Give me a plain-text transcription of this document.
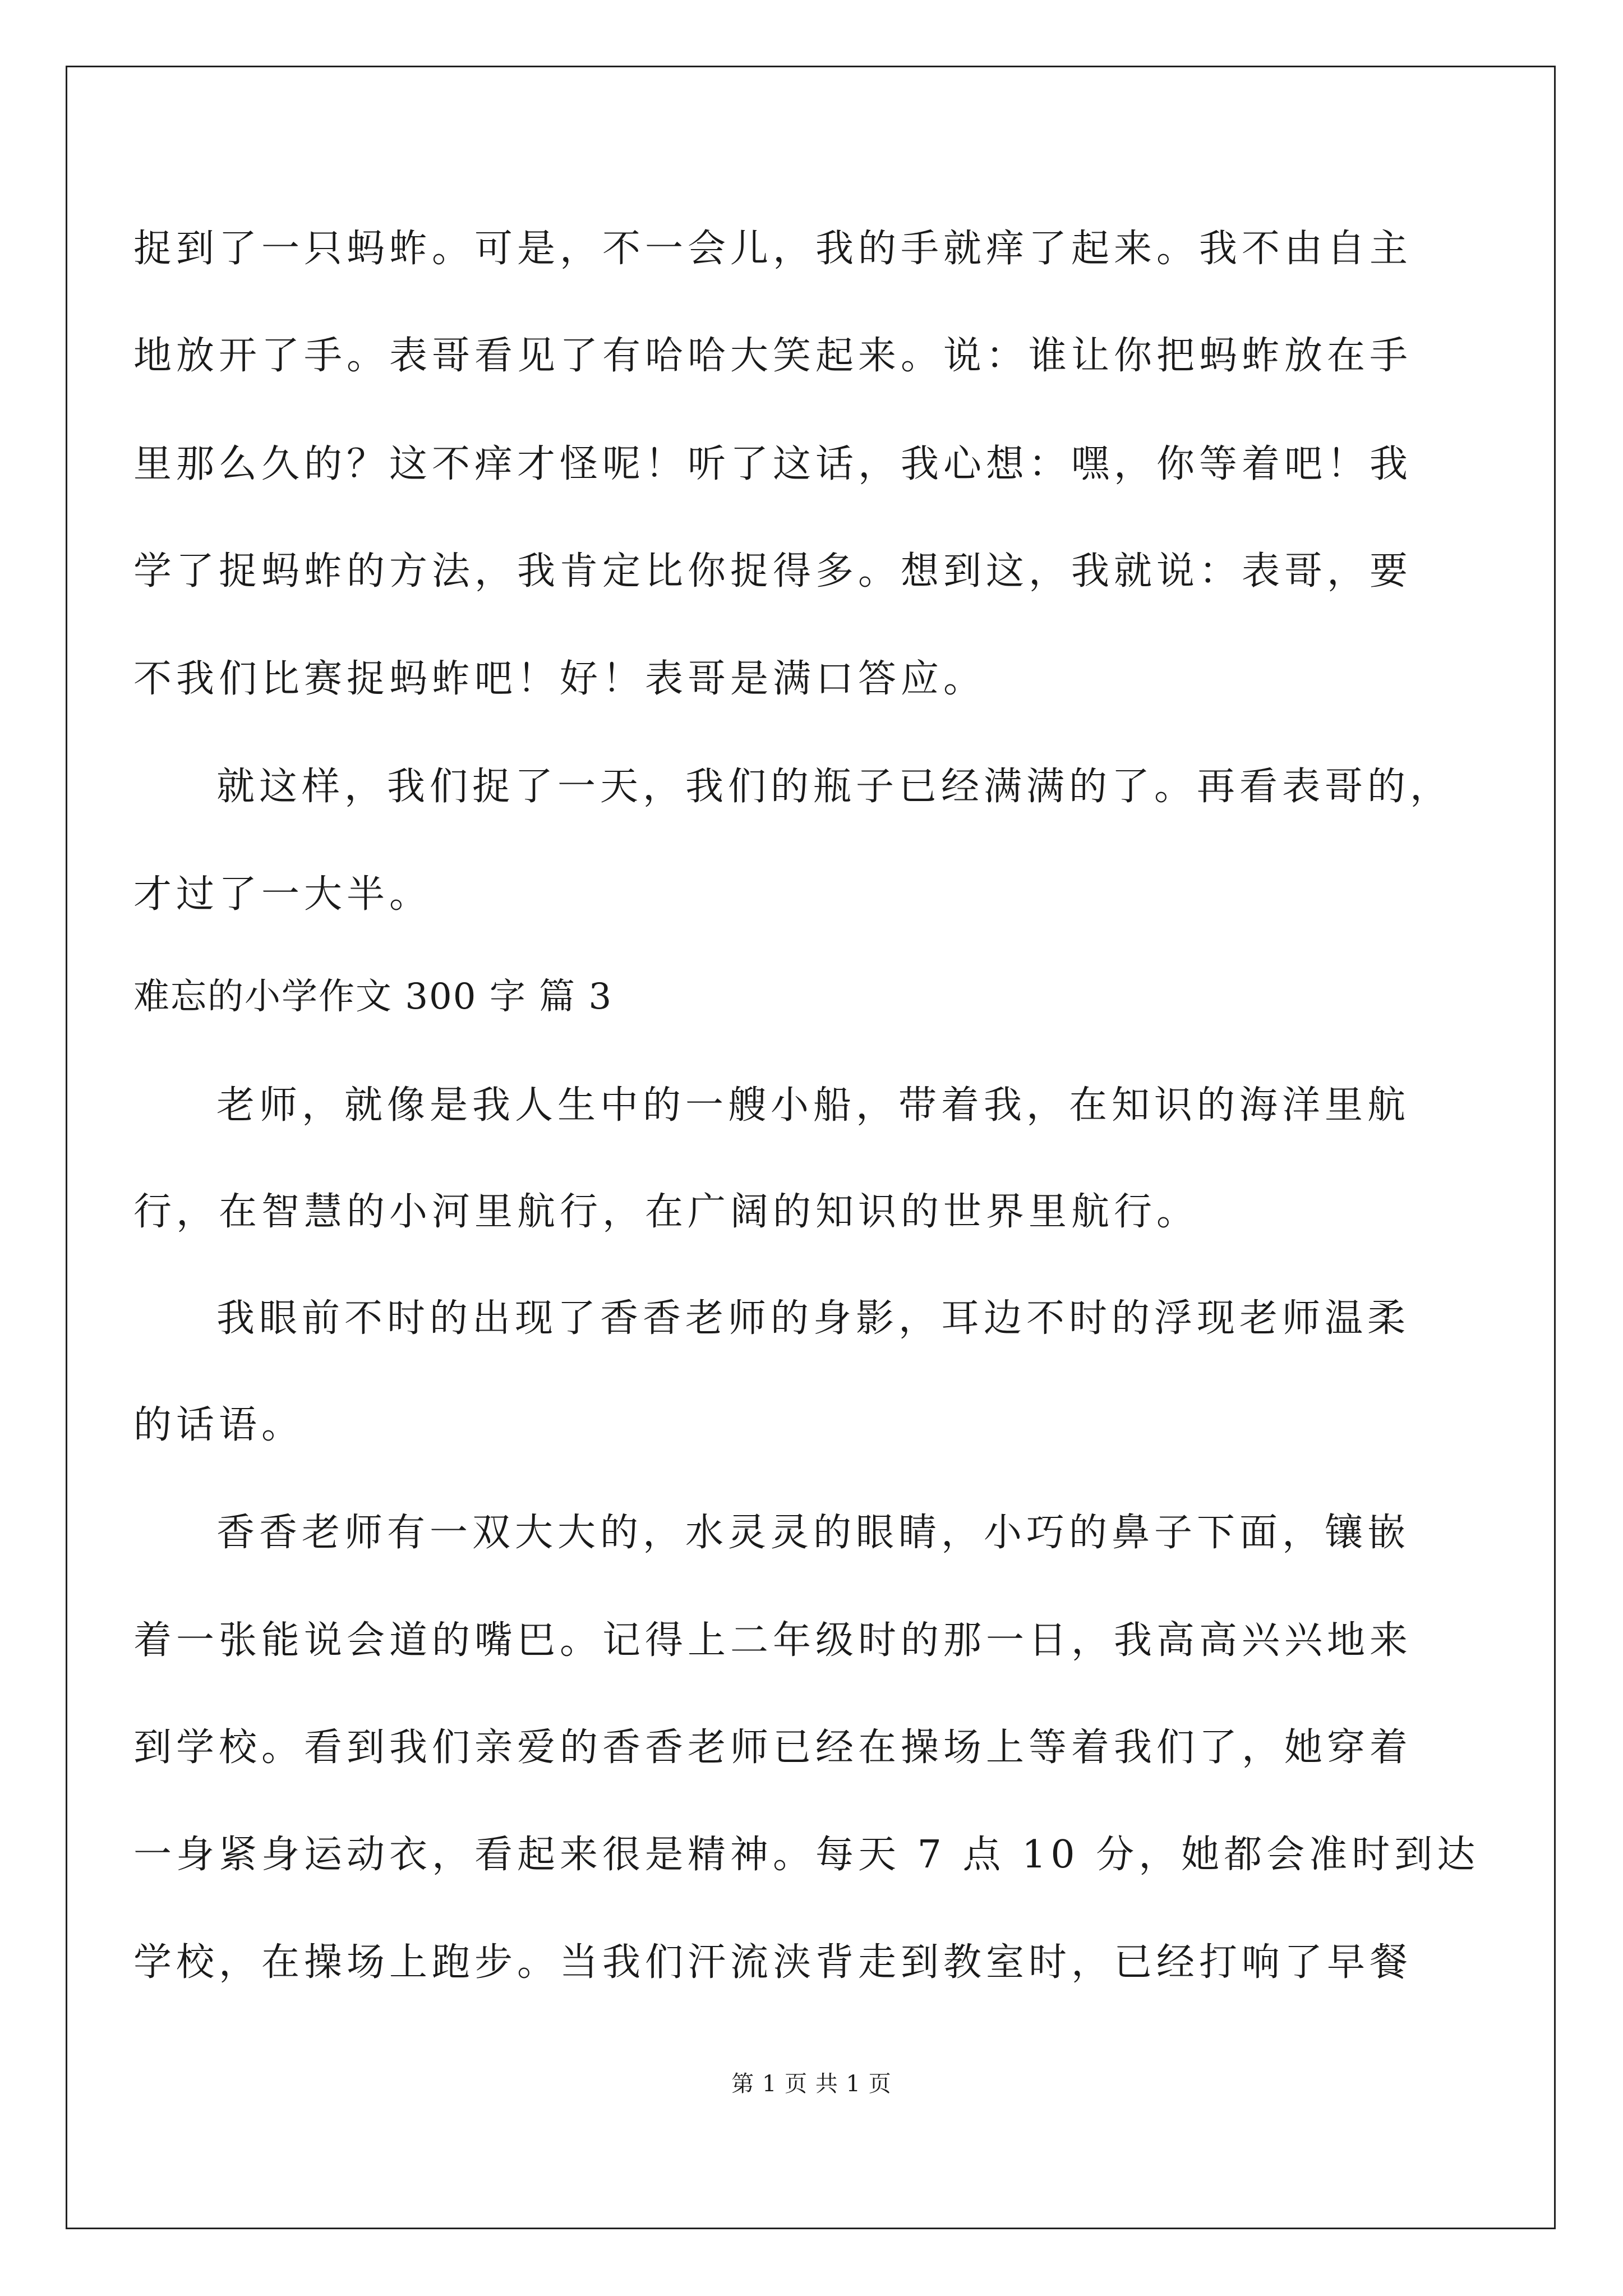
捉到了一只蚂蚱。可是，不一会儿，我的手就痒了起来。我不由自主
地放开了手。表哥看见了有哈哈大笑起来。说：谁让你把蚂蚱放在手
里那么久的？这不痒才怪呢！听了这话，我心想：嘿，你等着吧！我
学了捉蚂蚱的方法，我肯定比你捉得多。想到这，我就说：表哥，要
不我们比赛捉蚂蚱吧！好！表哥是满口答应。
就这样，我们捉了一天，我们的瓶子已经满满的了。再看表哥的，
才过了一大半。
难忘的小学作文 300 字 篇 3
老师，就像是我人生中的一艘小船，带着我，在知识的海洋里航
行，在智慧的小河里航行，在广阔的知识的世界里航行。
我眼前不时的出现了香香老师的身影，耳边不时的浮现老师温柔
的话语。
香香老师有一双大大的，水灵灵的眼睛，小巧的鼻子下面，镶嵌
着一张能说会道的嘴巴。记得上二年级时的那一日，我高高兴兴地来
到学校。看到我们亲爱的香香老师已经在操场上等着我们了，她穿着
一身紧身运动衣，看起来很是精神。每天 7 点 10 分，她都会准时到达
学校，在操场上跑步。当我们汗流浃背走到教室时，已经打响了早餐
第 1 页 共 1 页
